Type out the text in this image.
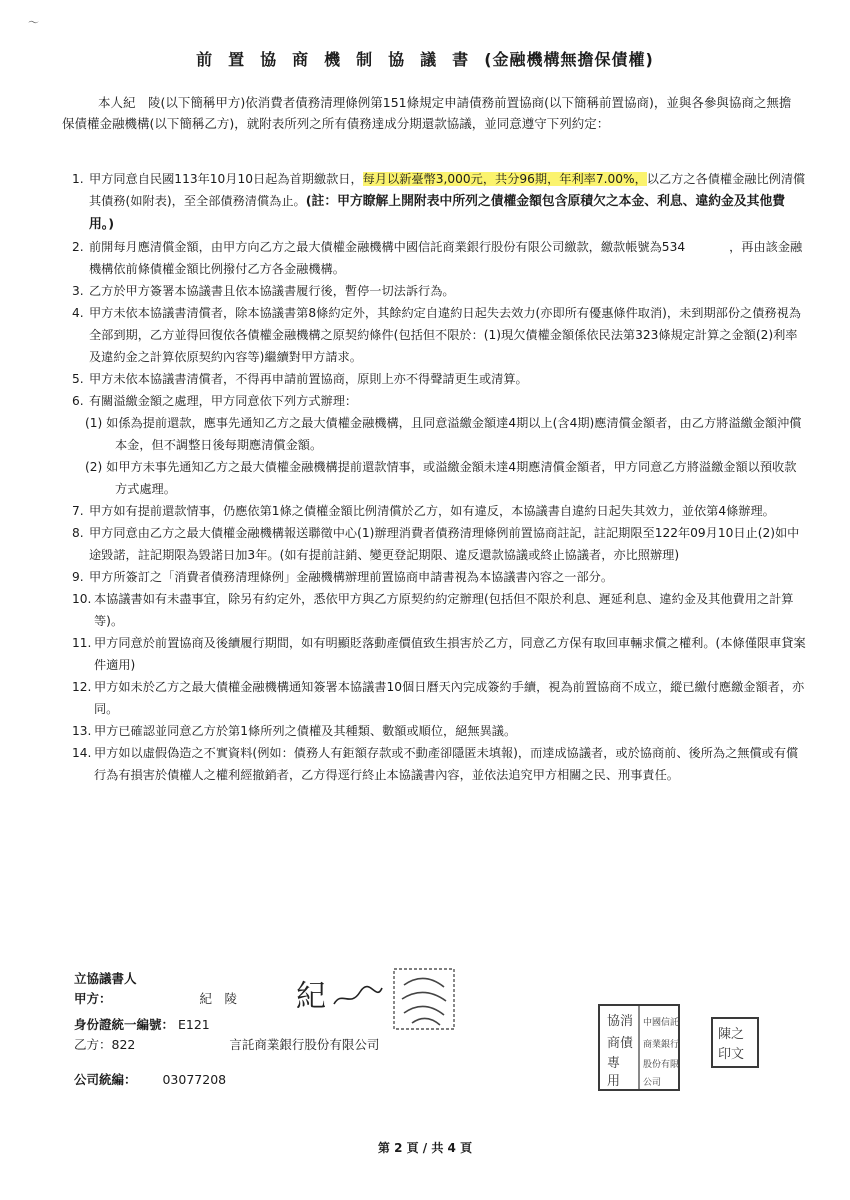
～
前置協商機制協議書(金融機構無擔保債權)

本人紀　陵(以下簡稱甲方)依消費者債務清理條例第151條規定申請債務前置協商(以下簡稱前置協商)，並與各參與協商之無擔保債權金融機構(以下簡稱乙方)，就附表所列之所有債務達成分期還款協議，並同意遵守下列約定：

1. 甲方同意自民國113年10月10日起為首期繳款日，每月以新臺幣3,000元，共分96期，年利率7.00%，以乙方之各債權金融比例清償其債務(如附表)，至全部債務清償為止。(註：甲方瞭解上開附表中所列之債權金額包含原積欠之本金、利息、違約金及其他費用。)
2. 前開每月應清償金額，由甲方向乙方之最大債權金融機構中國信託商業銀行股份有限公司繳款，繳款帳號為534	，再由該金融機構依前條債權金額比例撥付乙方各金融機構。
3. 乙方於甲方簽署本協議書且依本協議書履行後，暫停一切法訴行為。
4. 甲方未依本協議書清償者，除本協議書第8條約定外，其餘約定自違約日起失去效力(亦即所有優惠條件取消)，未到期部份之債務視為全部到期，乙方並得回復依各債權金融機構之原契約條件(包括但不限於：(1)現欠債權金額係依民法第323條規定計算之金額(2)利率及違約金之計算依原契約內容等)繼續對甲方請求。
5. 甲方未依本協議書清償者，不得再申請前置協商，原則上亦不得聲請更生或清算。
6. 有關溢繳金額之處理，甲方同意依下列方式辦理：

(1) 如係為提前還款，應事先通知乙方之最大債權金融機構，且同意溢繳金額達4期以上(含4期)應清償金額者，由乙方將溢繳金額沖償本金，但不調整日後每期應清償金額。

(2) 如甲方未事先通知乙方之最大債權金融機構提前還款情事，或溢繳金額未達4期應清償金額者，甲方同意乙方將溢繳金額以預收款方式處理。

7. 甲方如有提前還款情事，仍應依第1條之債權金額比例清償於乙方，如有違反，本協議書自違約日起失其效力，並依第4條辦理。
8. 甲方同意由乙方之最大債權金融機構報送聯徵中心(1)辦理消費者債務清理條例前置協商註記，註記期限至122年09月10日止(2)如中途毀諾，註記期限為毀諾日加3年。(如有提前註銷、變更登記期限、違反還款協議或終止協議者，亦比照辦理)
9. 甲方所簽訂之「消費者債務清理條例」金融機構辦理前置協商申請書視為本協議書內容之一部分。
10. 本協議書如有未盡事宜，除另有約定外，悉依甲方與乙方原契約約定辦理(包括但不限於利息、遲延利息、違約金及其他費用之計算等)。
11. 甲方同意於前置協商及後續履行期間，如有明顯貶落動產價值致生損害於乙方，同意乙方保有取回車輛求償之權利。(本條僅限車貸案件適用)
12. 甲方如未於乙方之最大債權金融機構通知簽署本協議書10個日曆天內完成簽約手續，視為前置協商不成立，縱已繳付應繳金額者，亦同。
13. 甲方已確認並同意乙方於第1條所列之債權及其種類、數額或順位，絕無異議。
14. 甲方如以虛假偽造之不實資料(例如：債務人有鉅額存款或不動產卻隱匿未填報)，而達成協議者，或於協商前、後所為之無償或有償行為有損害於債權人之權利經撤銷者，乙方得逕行終止本協議書內容，並依法追究甲方相關之民、刑事責任。
立協議書人
甲方：	紀　陵
身份證統一編號： E121
乙方：822	言託商業銀行股份有限公司
公司統編： 03077208
紀
協消
商債
專
用
中國信託
商業銀行
股份有限
公司
陳之
印文
第 2 頁 / 共 4 頁
